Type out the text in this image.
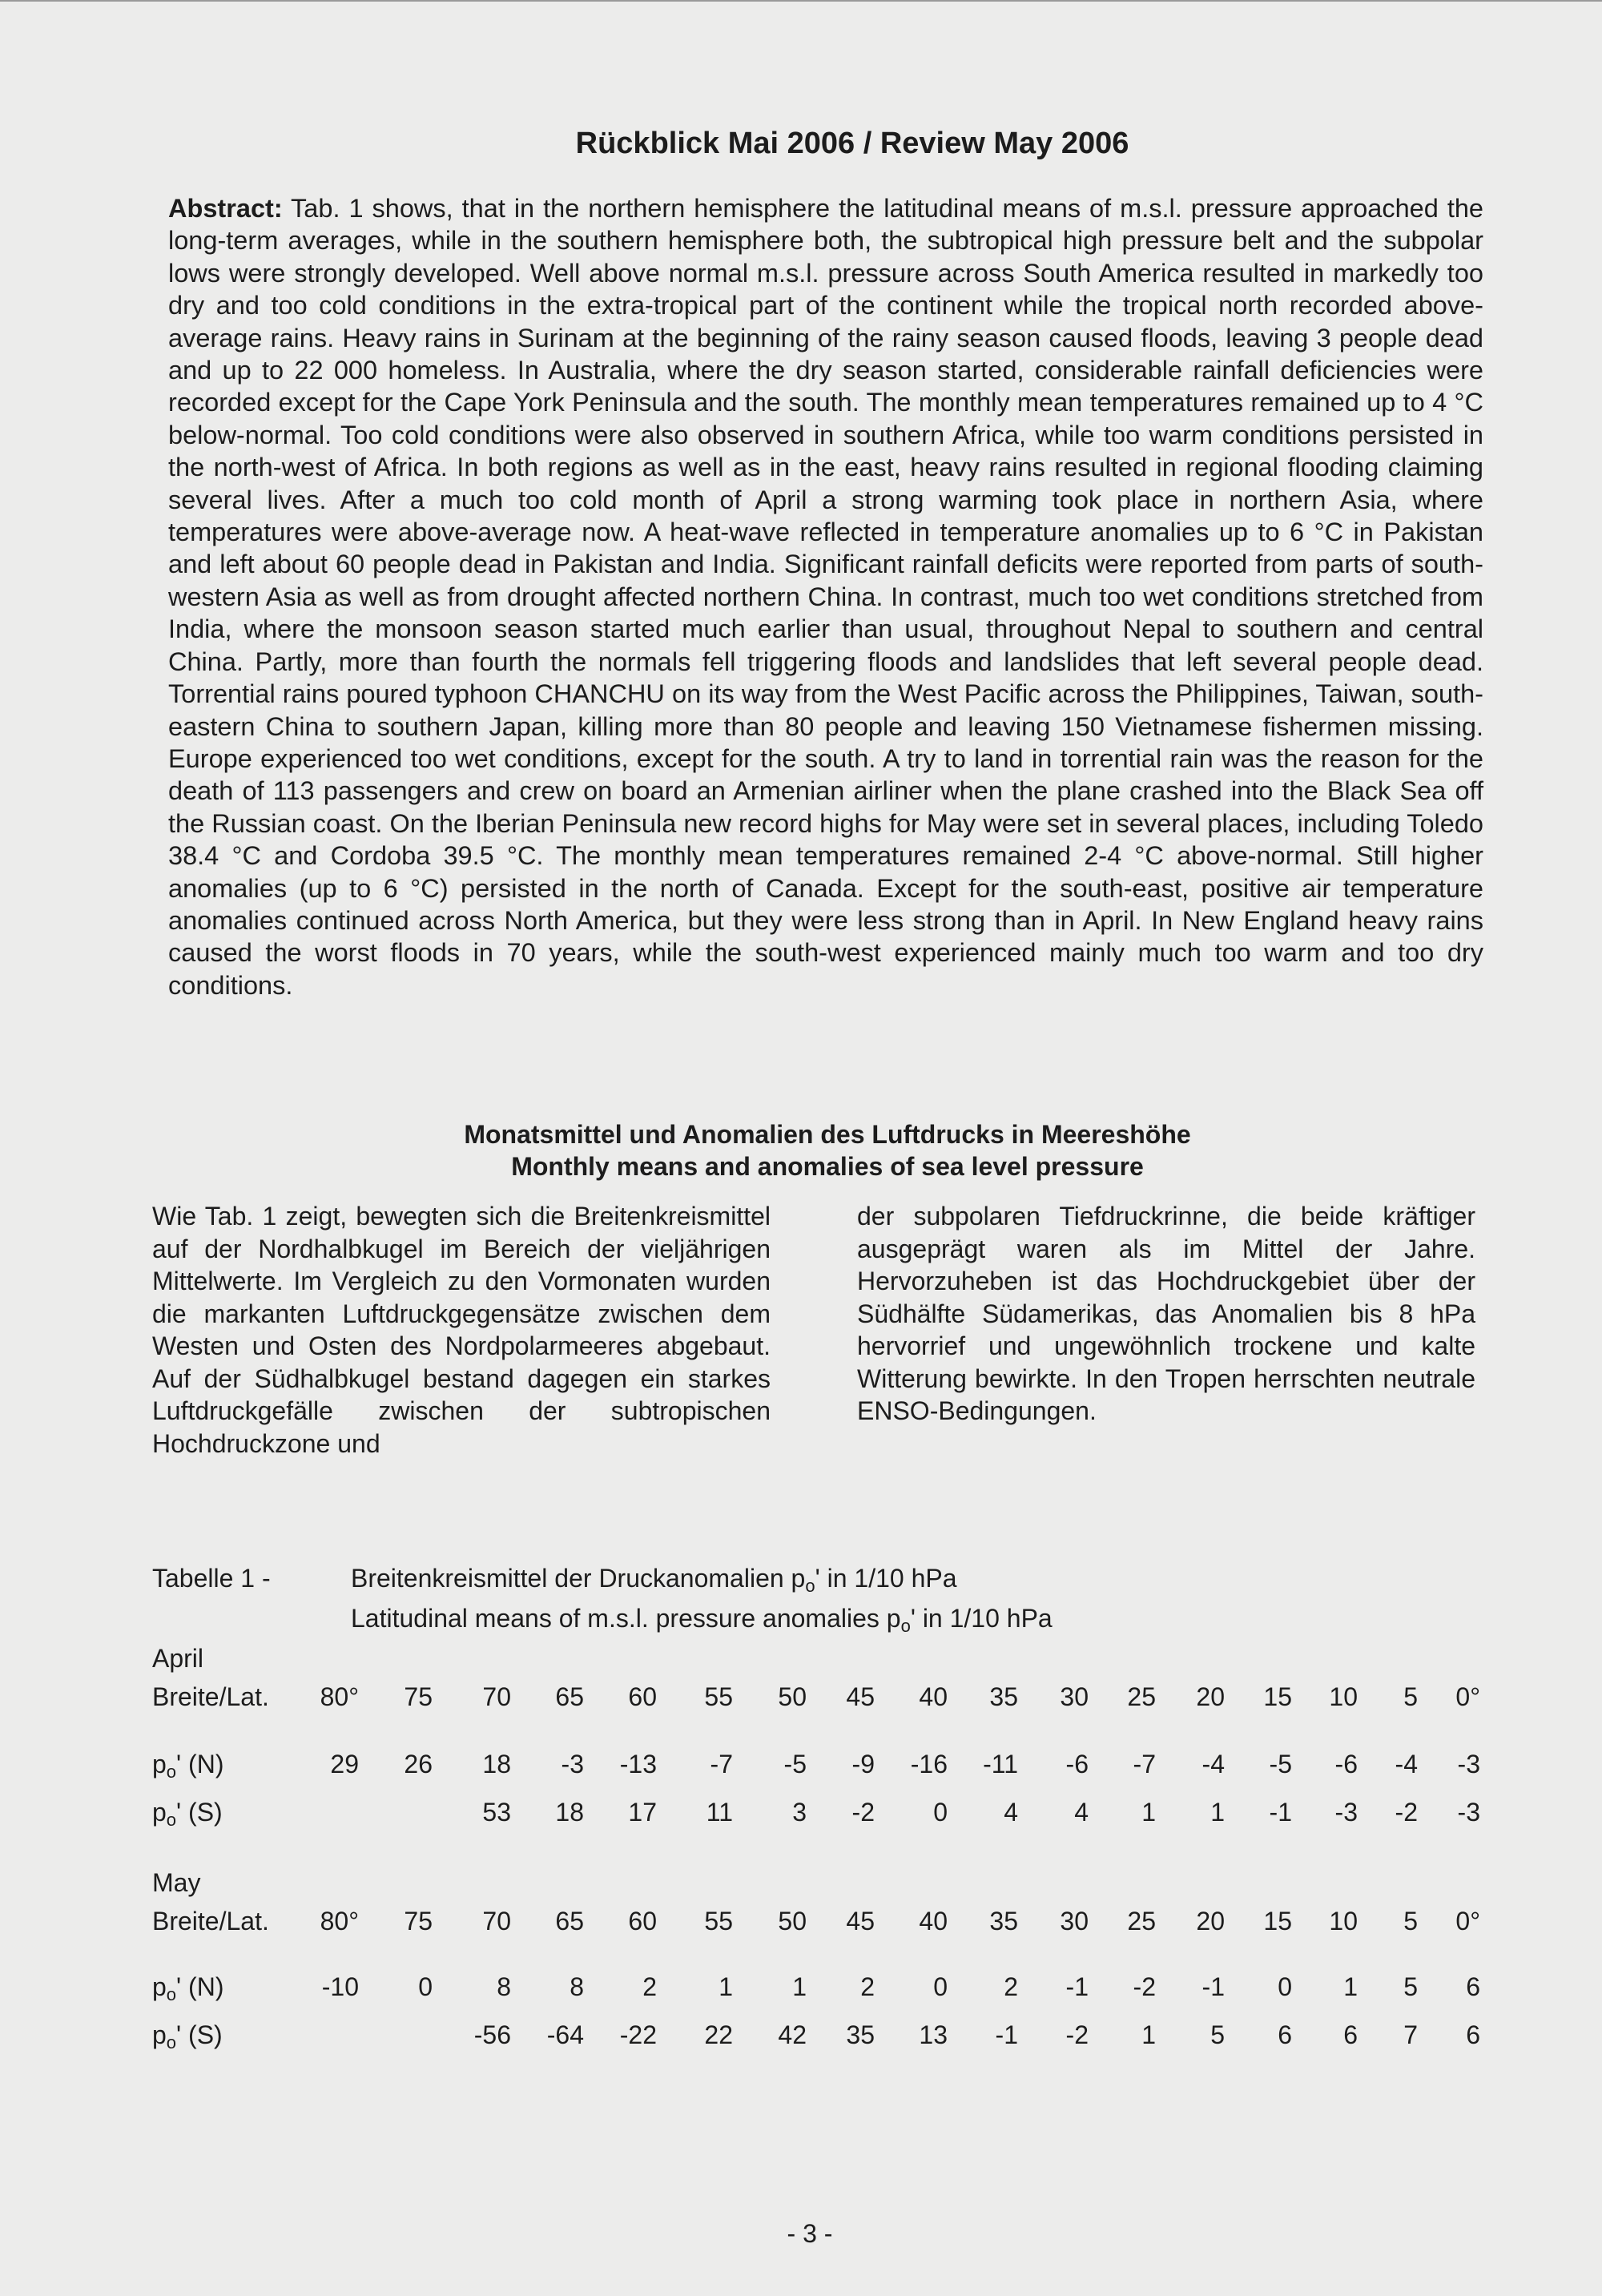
Rückblick Mai 2006 / Review May 2006

Abstract: Tab. 1 shows, that in the northern hemisphere the latitudinal means of m.s.l. pressure approached the long-term averages, while in the southern hemisphere both, the subtropical high pressure belt and the subpolar lows were strongly developed. Well above normal m.s.l. pressure across South America resulted in markedly too dry and too cold conditions in the extra-tropical part of the continent while the tropical north recorded above-average rains. Heavy rains in Surinam at the beginning of the rainy season caused floods, leaving 3 people dead and up to 22 000 homeless. In Australia, where the dry season started, considerable rainfall deficiencies were recorded except for the Cape York Peninsula and the south. The monthly mean temperatures remained up to 4 °C below-normal. Too cold conditions were also observed in southern Africa, while too warm conditions persisted in the north-west of Africa. In both regions as well as in the east, heavy rains resulted in regional flooding claiming several lives. After a much too cold month of April a strong warming took place in northern Asia, where temperatures were above-average now. A heat-wave reflected in temperature anomalies up to 6 °C in Pakistan and left about 60 people dead in Pakistan and India. Significant rainfall deficits were reported from parts of south-western Asia as well as from drought affected northern China. In contrast, much too wet conditions stretched from India, where the monsoon season started much earlier than usual, throughout Nepal to southern and central China. Partly, more than fourth the normals fell triggering floods and landslides that left several people dead. Torrential rains poured typhoon CHANCHU on its way from the West Pacific across the Philippines, Taiwan, south-eastern China to southern Japan, killing more than 80 people and leaving 150 Vietnamese fishermen missing. Europe experienced too wet conditions, except for the south. A try to land in torrential rain was the reason for the death of 113 passengers and crew on board an Armenian airliner when the plane crashed into the Black Sea off the Russian coast. On the Iberian Peninsula new record highs for May were set in several places, including Toledo 38.4 °C and Cordoba 39.5 °C. The monthly mean temperatures remained 2-4 °C above-normal. Still higher anomalies (up to 6 °C) persisted in the north of Canada. Except for the south-east, positive air temperature anomalies continued across North America, but they were less strong than in April. In New England heavy rains caused the worst floods in 70 years, while the south-west experienced mainly much too warm and too dry conditions.

Monatsmittel und Anomalien des Luftdrucks in Meereshöhe
Monthly means and anomalies of sea level pressure

Wie Tab. 1 zeigt, bewegten sich die Breitenkreismittel auf der Nordhalbkugel im Bereich der vieljährigen Mittelwerte. Im Vergleich zu den Vormonaten wurden die markanten Luftdruckgegensätze zwischen dem Westen und Osten des Nordpolarmeeres abgebaut. Auf der Südhalbkugel bestand dagegen ein starkes Luftdruckgefälle zwischen der subtropischen Hochdruckzone und

der subpolaren Tiefdruckrinne, die beide kräftiger ausgeprägt waren als im Mittel der Jahre. Hervorzuheben ist das Hochdruckgebiet über der Südhälfte Südamerikas, das Anomalien bis 8 hPa hervorrief und ungewöhnlich trockene und kalte Witterung bewirkte. In den Tropen herrschten neutrale ENSO-Bedingungen.

Tabelle 1 -	Breitenkreismittel der Druckanomalien $p_o'$ in 1/10 hPa
Latitudinal means of m.s.l. pressure anomalies $p_o'$ in 1/10 hPa
April
Breite/Lat.
$p_o'$ (N)
$p_o'$ (S)
80°
29
75
26
70
18
53
65
-3
18
60
-13
17
55
-7
11
50
-5
3
45
-9
-2
40
-16
0
35
-11
4
30
-6
4
25
-7
1
20
-4
1
15
-5
-1
10
-6
-3
5
-4
-2
0°
-3
-3
May
Breite/Lat.
$p_o'$ (N)
$p_o'$ (S)
80°
-10
75
0
70
8
-56
65
8
-64
60
2
-22
55
1
22
50
1
42
45
2
35
40
0
13
35
2
-1
30
-1
-2
25
-2
1
20
-1
5
15
0
6
10
1
6
5
5
7
0°
6
6
- 3 -
